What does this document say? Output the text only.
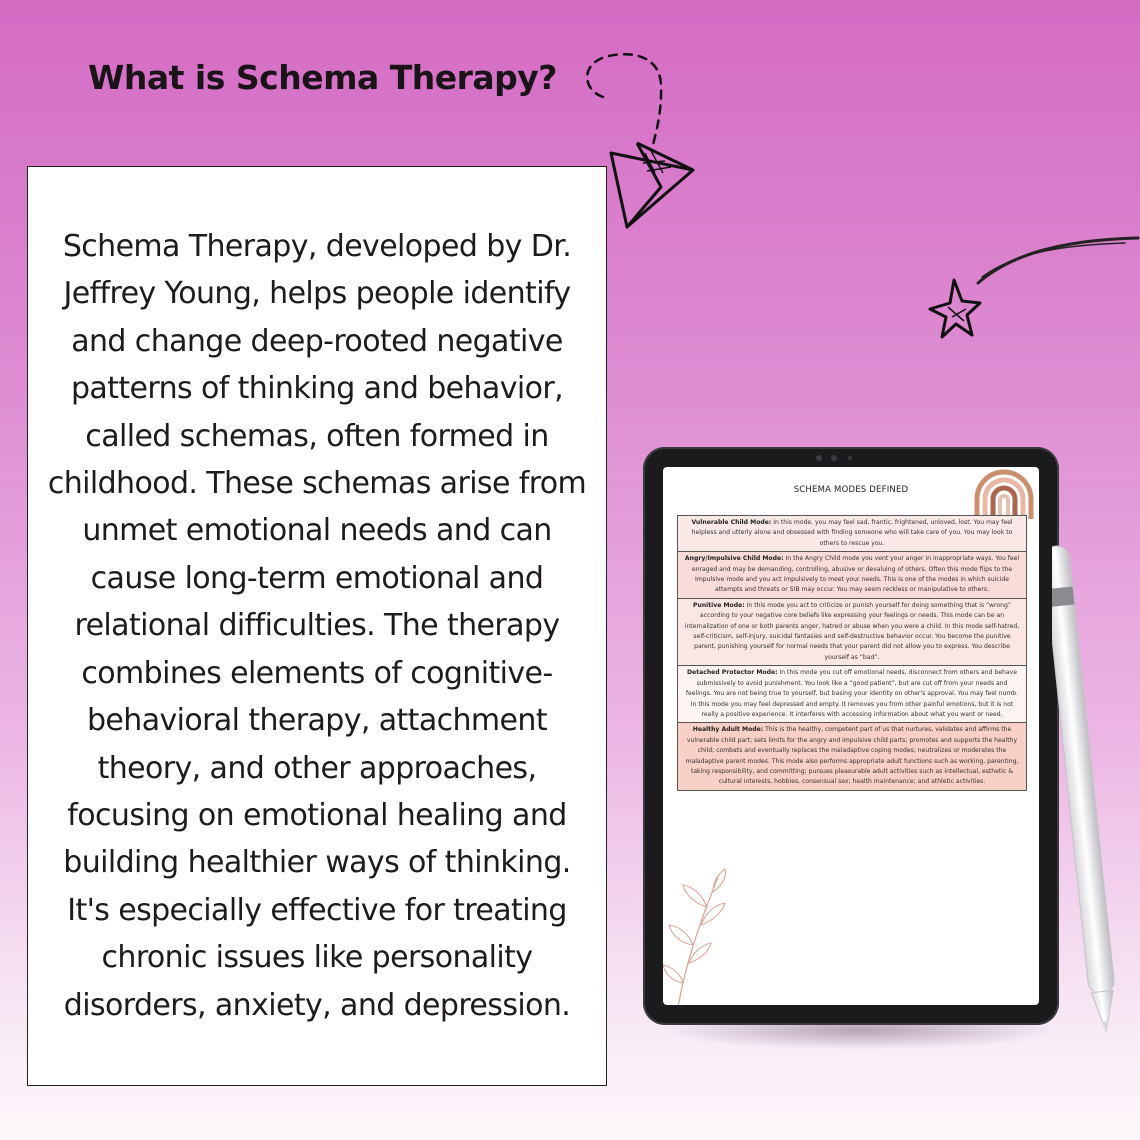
What is Schema Therapy?

Schema Therapy, developed by Dr. Jeffrey Young, helps people identify and change deep-rooted negative patterns of thinking and behavior, called schemas, often formed in childhood. These schemas arise from unmet emotional needs and can cause long-term emotional and relational difficulties. The therapy combines elements of cognitive-behavioral therapy, attachment theory, and other approaches, focusing on emotional healing and building healthier ways of thinking. It's especially effective for treating chronic issues like personality disorders, anxiety, and depression.

SCHEMA MODES DEFINED
Vulnerable Child Mode: In this mode, you may feel sad, frantic, frightened, unloved, lost. You may feel helpless and utterly alone and obsessed with finding someone who will take care of you. You may look to others to rescue you.
Angry/Impulsive Child Mode: In the Angry Child mode you vent your anger in inappropriate ways. You feel enraged and may be demanding, controlling, abusive or devaluing of others. Often this mode flips to the Impulsive mode and you act impulsively to meet your needs. This is one of the modes in which suicide attempts and threats or SIB may occur. You may seem reckless or manipulative to others.
Punitive Mode: In this mode you act to criticize or punish yourself for doing something that is “wrong” according to your negative core beliefs like expressing your feelings or needs. This mode can be an internalization of one or both parents anger, hatred or abuse when you were a child. In this mode self-hatred, self-criticism, self-injury, suicidal fantasies and self-destructive behavior occur. You become the punitive parent, punishing yourself for normal needs that your parent did not allow you to express. You describe yourself as “bad”.
Detached Protector Mode: In this mode you cut off emotional needs, disconnect from others and behave submissively to avoid punishment. You look like a “good patient”, but are cut off from your needs and feelings. You are not being true to yourself, but basing your identity on other's approval. You may feel numb. In this mode you may feel depressed and empty. It removes you from other painful emotions, but it is not really a positive experience. It interferes with accessing information about what you want or need.
Healthy Adult Mode: This is the healthy, competent part of us that nurtures, validates and affirms the vulnerable child part; sets limits for the angry and impulsive child parts; promotes and supports the healthy child; combats and eventually replaces the maladaptive coping modes; neutralizes or moderates the maladaptive parent modes. This mode also performs appropriate adult functions such as working, parenting, taking responsibility, and committing; pursues pleasurable adult activities such as intellectual, esthetic & cultural interests, hobbies, consensual sex; health maintenance; and athletic activities.
